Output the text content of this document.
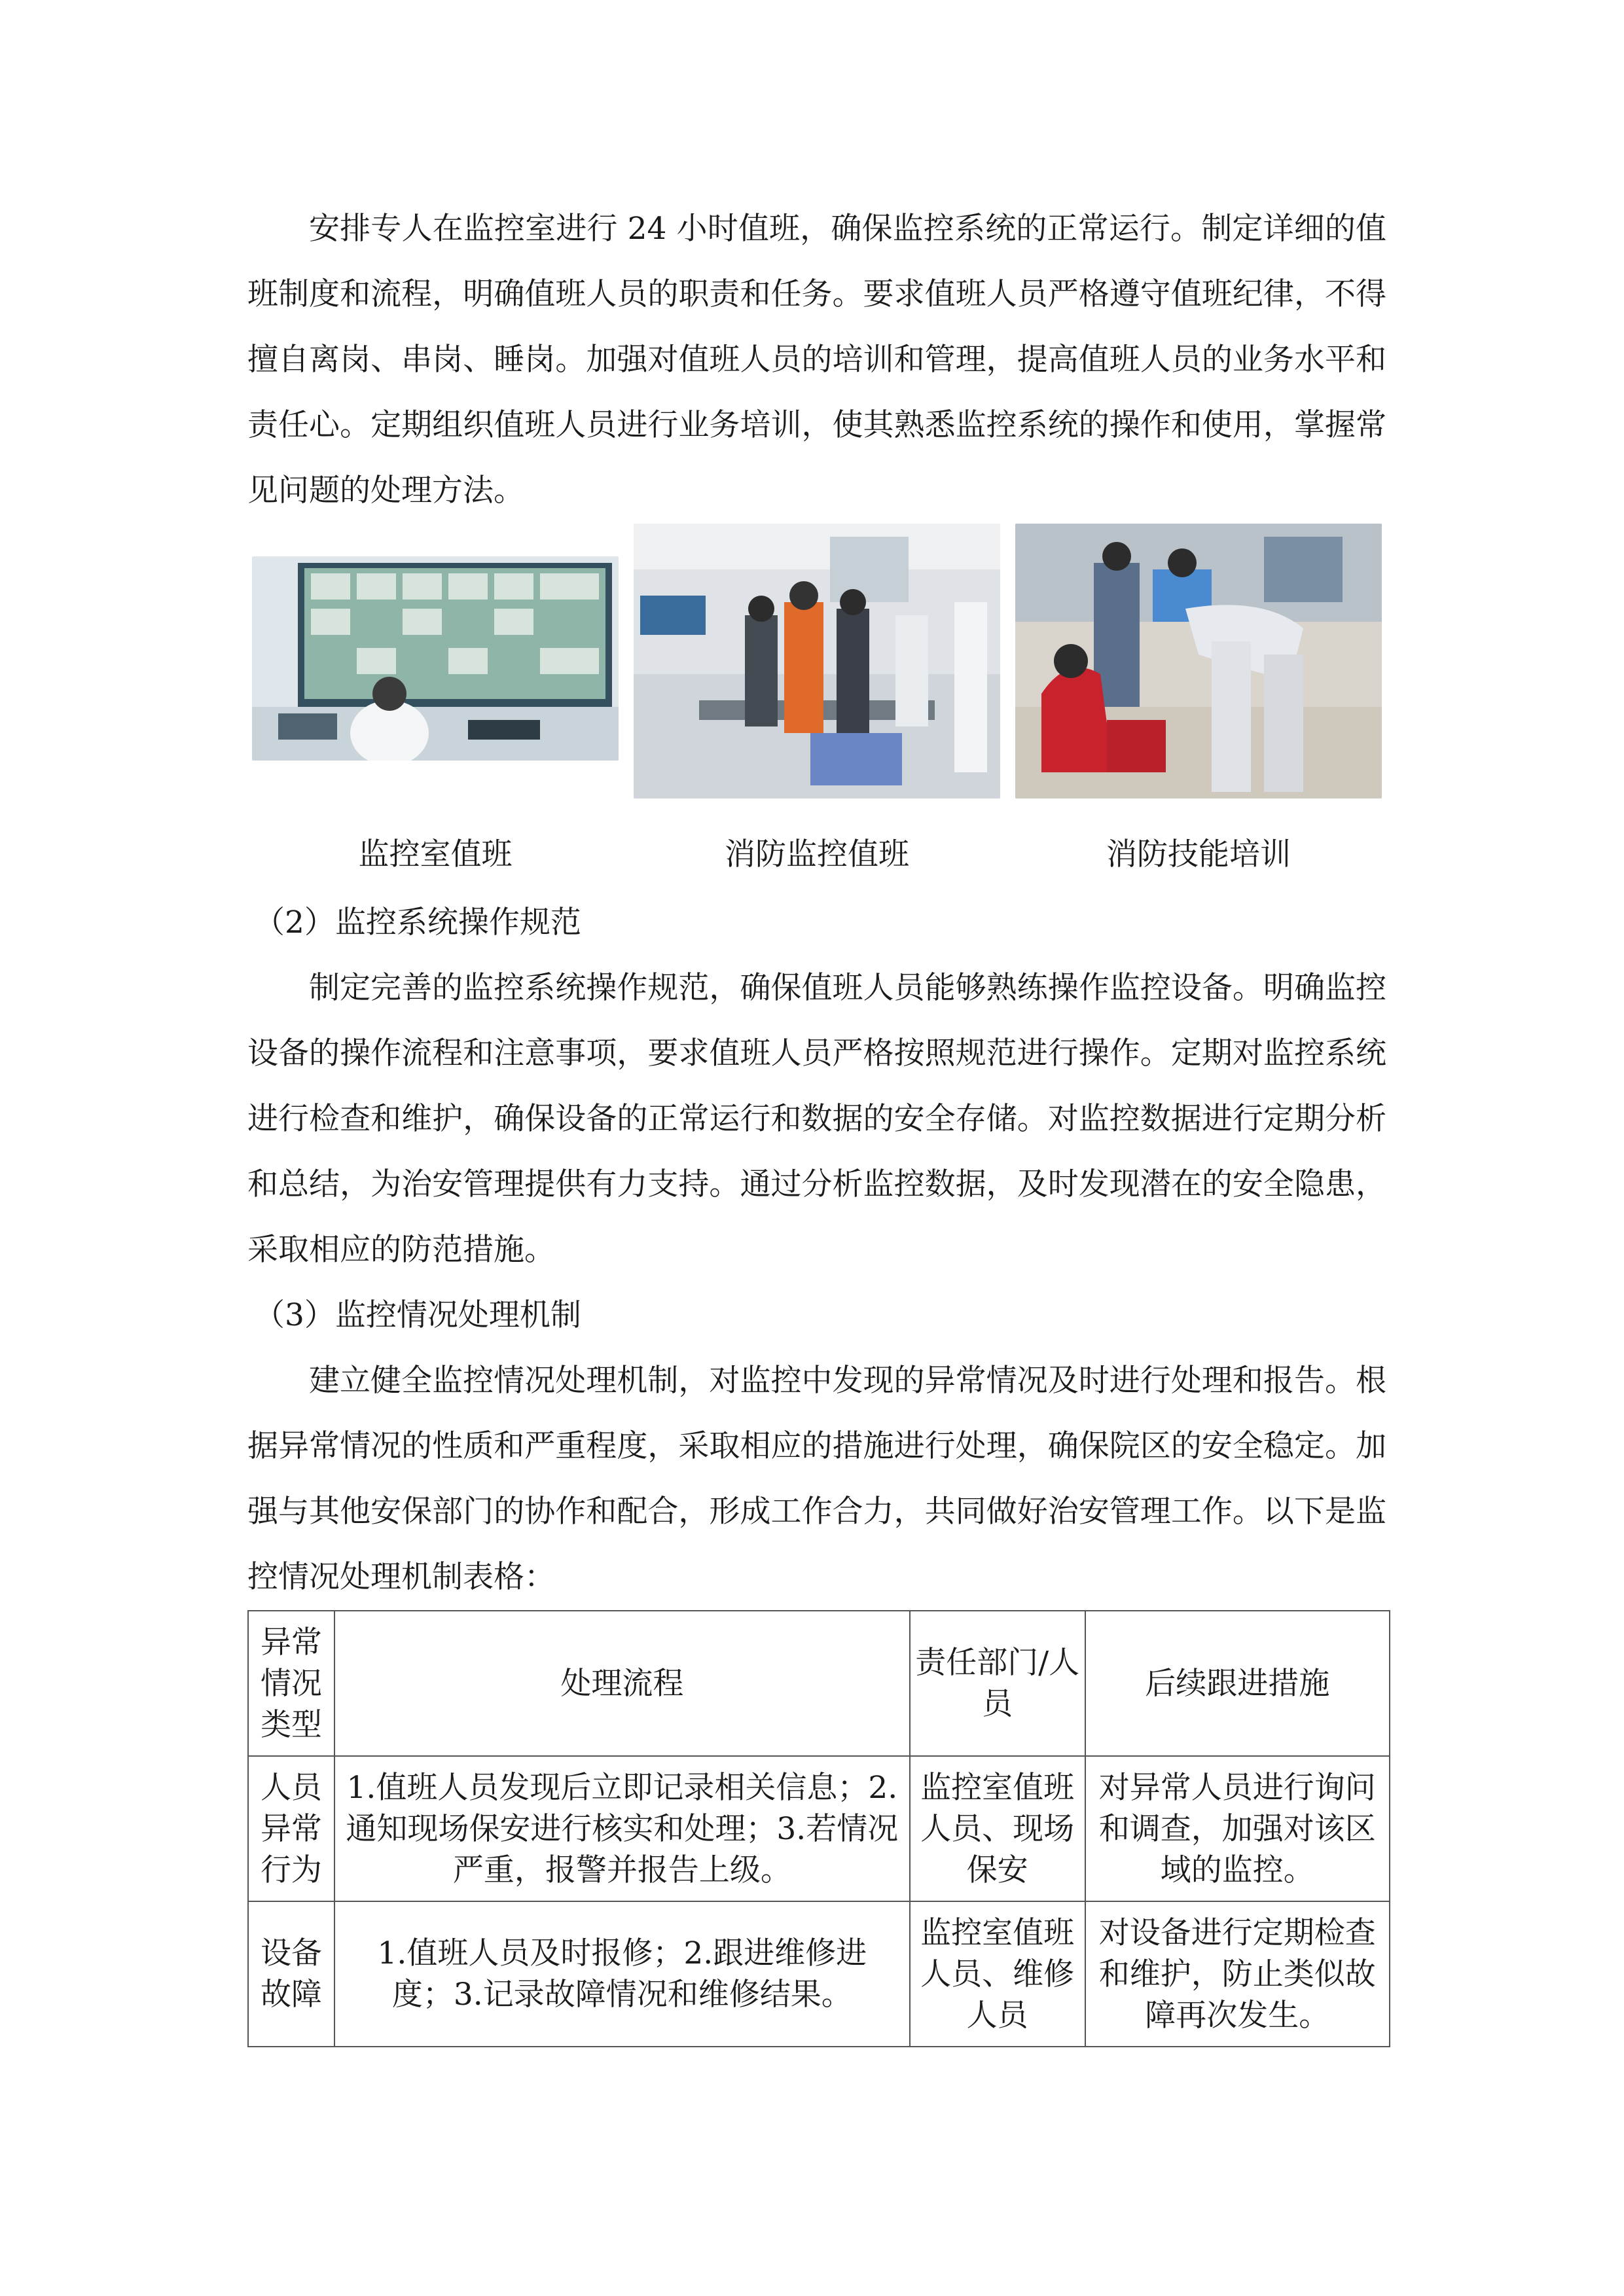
安排专人在监控室进行 24 小时值班，确保监控系统的正常运行。制定详细的值班制度和流程，明确值班人员的职责和任务。要求值班人员严格遵守值班纪律，不得擅自离岗、串岗、睡岗。加强对值班人员的培训和管理，提高值班人员的业务水平和责任心。定期组织值班人员进行业务培训，使其熟悉监控系统的操作和使用，掌握常见问题的处理方法。

监控室值班	消防监控值班	消防技能培训

（2）监控系统操作规范

制定完善的监控系统操作规范，确保值班人员能够熟练操作监控设备。明确监控设备的操作流程和注意事项，要求值班人员严格按照规范进行操作。定期对监控系统进行检查和维护，确保设备的正常运行和数据的安全存储。对监控数据进行定期分析和总结，为治安管理提供有力支持。通过分析监控数据，及时发现潜在的安全隐患，采取相应的防范措施。

（3）监控情况处理机制

建立健全监控情况处理机制，对监控中发现的异常情况及时进行处理和报告。根据异常情况的性质和严重程度，采取相应的措施进行处理，确保院区的安全稳定。加强与其他安保部门的协作和配合，形成工作合力，共同做好治安管理工作。以下是监控情况处理机制表格：

异常情况类型	处理流程	责任部门/人员	后续跟进措施
人员异常行为	1.值班人员发现后立即记录相关信息；2.通知现场保安进行核实和处理；3.若情况严重，报警并报告上级。	监控室值班人员、现场保安	对异常人员进行询问和调查，加强对该区域的监控。
设备故障	1.值班人员及时报修；2.跟进维修进度；3.记录故障情况和维修结果。	监控室值班人员、维修人员	对设备进行定期检查和维护，防止类似故障再次发生。
